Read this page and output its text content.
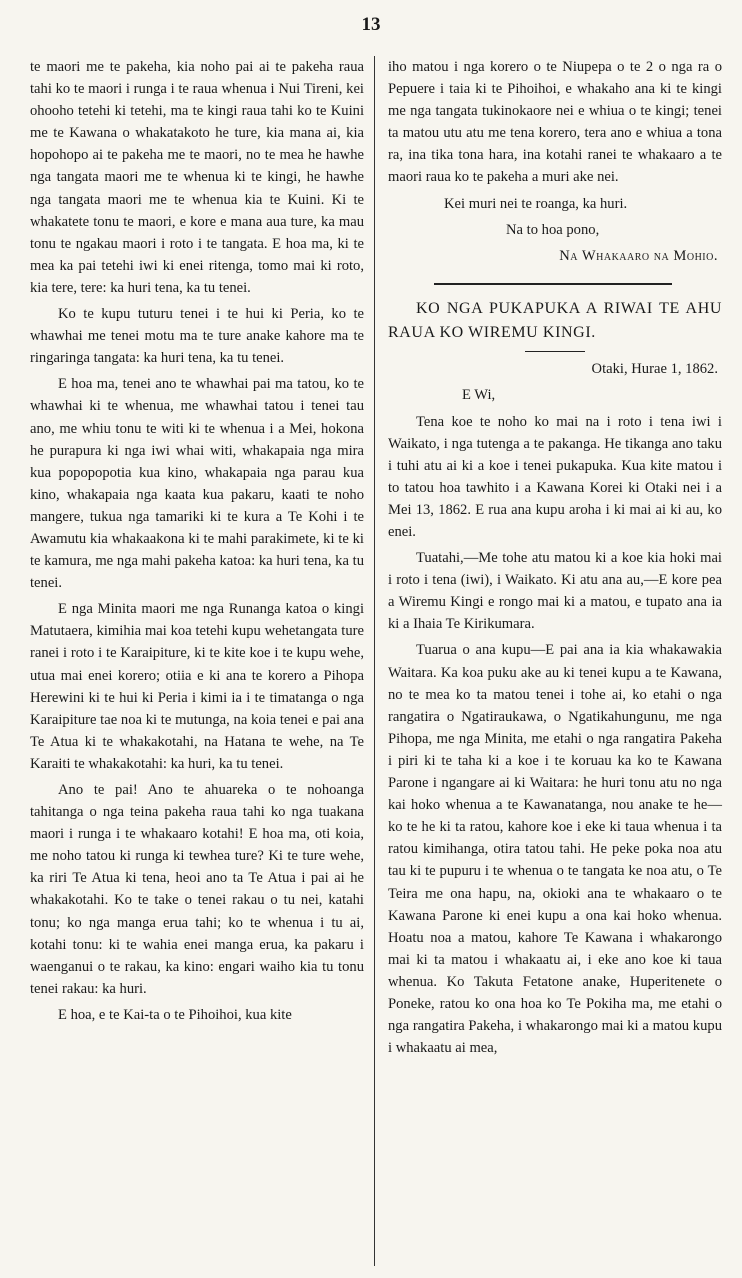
13

te maori me te pakeha, kia noho pai ai te pakeha raua tahi ko te maori i runga i te raua whenua i Nui Tireni, kei ohooho tetehi ki tetehi, ma te kingi raua tahi ko te Kuini me te Kawana o whakatakoto he ture, kia mana ai, kia hopohopo ai te pakeha me te maori, no te mea he hawhe nga tangata maori me te whenua ki te kingi, he hawhe nga tangata maori me te whenua kia te Kuini. Ki te whakatete tonu te maori, e kore e mana aua ture, ka mau tonu te ngakau maori i roto i te tangata. E hoa ma, ki te mea ka pai tetehi iwi ki enei ritenga, tomo mai ki roto, kia tere, tere: ka huri tena, ka tu tenei.

Ko te kupu tuturu tenei i te hui ki Peria, ko te whawhai me tenei motu ma te ture anake kahore ma te ringaringa tangata: ka huri tena, ka tu tenei.

E hoa ma, tenei ano te whawhai pai ma tatou, ko te whawhai ki te whenua, me whawhai tatou i tenei tau ano, me whiu tonu te witi ki te whenua i a Mei, hokona he purapura ki nga iwi whai witi, whakapaia nga mira kua popopopotia kua kino, whakapaia nga parau kua kino, whakapaia nga kaata kua pakaru, kaati te noho mangere, tukua nga tamariki ki te kura a Te Kohi i te Awamutu kia whakaakona ki te mahi parakimete, ki te ki te kamura, me nga mahi pakeha katoa: ka huri tena, ka tu tenei.

E nga Minita maori me nga Runanga katoa o kingi Matutaera, kimihia mai koa tetehi kupu wehetangata ture ranei i roto i te Karaipiture, ki te kite koe i te kupu wehe, utua mai enei korero; otiia e ki ana te korero a Pihopa Herewini ki te hui ki Peria i kimi ia i te timatanga o nga Karaipiture tae noa ki te mutunga, na koia tenei e pai ana Te Atua ki te whakakotahi, na Hatana te wehe, na Te Karaiti te whakakotahi: ka huri, ka tu tenei.

Ano te pai! Ano te ahuareka o te nohoanga tahitanga o nga teina pakeha raua tahi ko nga tuakana maori i runga i te whakaaro kotahi! E hoa ma, oti koia, me noho tatou ki runga ki tewhea ture? Ki te ture wehe, ka riri Te Atua ki tena, heoi ano ta Te Atua i pai ai he whakakotahi. Ko te take o tenei rakau o tu nei, katahi tonu; ko nga manga erua tahi; ko te whenua i tu ai, kotahi tonu: ki te wahia enei manga erua, ka pakaru i waenganui o te rakau, ka kino: engari waiho kia tu tonu tenei rakau: ka huri.

E hoa, e te Kai-ta o te Pihoihoi, kua kite

iho matou i nga korero o te Niupepa o te 2 o nga ra o Pepuere i taia ki te Pihoihoi, e whakaho ana ki te kingi me nga tangata tukinokaore nei e whiua o te kingi; tenei ta matou utu atu me tena korero, tera ano e whiua a tona ra, ina tika tona hara, ina kotahi ranei te whakaaro a te maori raua ko te pakeha a muri ake nei.

Kei muri nei te roanga, ka huri.

Na to hoa pono,

Na Whakaaro na Mohio.

KO NGA PUKAPUKA A RIWAI TE AHU RAUA KO WIREMU KINGI.

Otaki, Hurae 1, 1862.

E Wi,

Tena koe te noho ko mai na i roto i tena iwi i Waikato, i nga tutenga a te pakanga. He tikanga ano taku i tuhi atu ai ki a koe i tenei pukapuka. Kua kite matou i to tatou hoa tawhito i a Kawana Korei ki Otaki nei i a Mei 13, 1862. E rua ana kupu aroha i ki mai ai ki au, ko enei.

Tuatahi,—Me tohe atu matou ki a koe kia hoki mai i roto i tena (iwi), i Waikato. Ki atu ana au,—E kore pea a Wiremu Kingi e rongo mai ki a matou, e tupato ana ia ki a Ihaia Te Kirikumara.

Tuarua o ana kupu—E pai ana ia kia whakawakia Waitara. Ka koa puku ake au ki tenei kupu a te Kawana, no te mea ko ta matou tenei i tohe ai, ko etahi o nga rangatira o Ngatiraukawa, o Ngatikahungunu, me nga Pihopa, me nga Minita, me etahi o nga rangatira Pakeha i piri ki te taha ki a koe i te koruau ka ko te Kawana Parone i ngangare ai ki Waitara: he huri tonu atu no nga kai hoko whenua a te Kawanatanga, nou anake te he—ko te he ki ta ratou, kahore koe i eke ki taua whenua i ta ratou kimihanga, otira tatou tahi. He peke poka noa atu tau ki te pupuru i te whenua o te tangata ke noa atu, o Te Teira me ona hapu, na, okioki ana te whakaaro o te Kawana Parone ki enei kupu a ona kai hoko whenua. Hoatu noa a matou, kahore Te Kawana i whakarongo mai ki ta matou i whakaatu ai, i eke ano koe ki taua whenua. Ko Takuta Fetatone anake, Huperitenete o Poneke, ratou ko ona hoa ko Te Pokiha ma, me etahi o nga rangatira Pakeha, i whakarongo mai ki a matou kupu i whakaatu ai mea,
